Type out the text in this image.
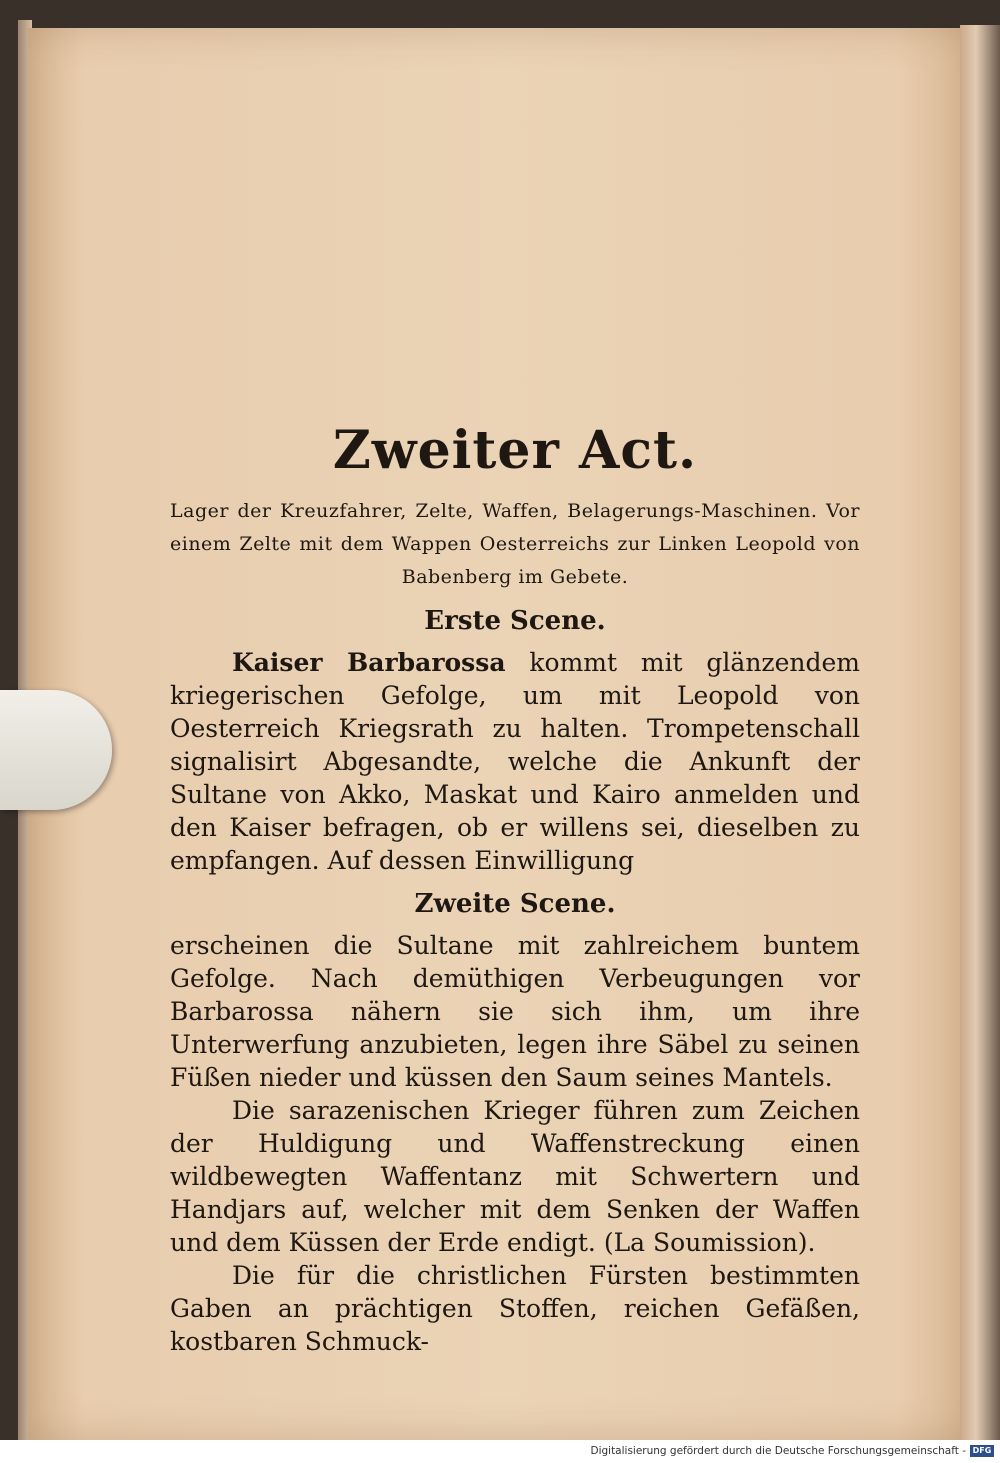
Zweiter Act.
Lager der Kreuzfahrer, Zelte, Waffen, Belagerungs-Maschinen. Vor einem Zelte mit dem Wappen Oesterreichs zur Linken Leopold von Babenberg im Gebete.
Erste Scene.
Kaiser Barbarossa kommt mit glänzendem kriegerischen Gefolge, um mit Leopold von Oesterreich Kriegsrath zu halten. Trompetenschall signalisirt Abgesandte, welche die Ankunft der Sultane von Akko, Maskat und Kairo anmelden und den Kaiser befragen, ob er willens sei, dieselben zu empfangen. Auf dessen Einwilligung
Zweite Scene.
erscheinen die Sultane mit zahlreichem buntem Gefolge. Nach demüthigen Verbeugungen vor Barbarossa nähern sie sich ihm, um ihre Unterwerfung anzubieten, legen ihre Säbel zu seinen Füßen nieder und küssen den Saum seines Mantels.
Die sarazenischen Krieger führen zum Zeichen der Huldigung und Waffenstreckung einen wildbewegten Waffentanz mit Schwertern und Handjars auf, welcher mit dem Senken der Waffen und dem Küssen der Erde endigt. (La Soumission).
Die für die christlichen Fürsten bestimmten Gaben an prächtigen Stoffen, reichen Gefäßen, kostbaren Schmuck-
Digitalisierung gefördert durch die Deutsche Forschungsgemeinschaft - DFG
